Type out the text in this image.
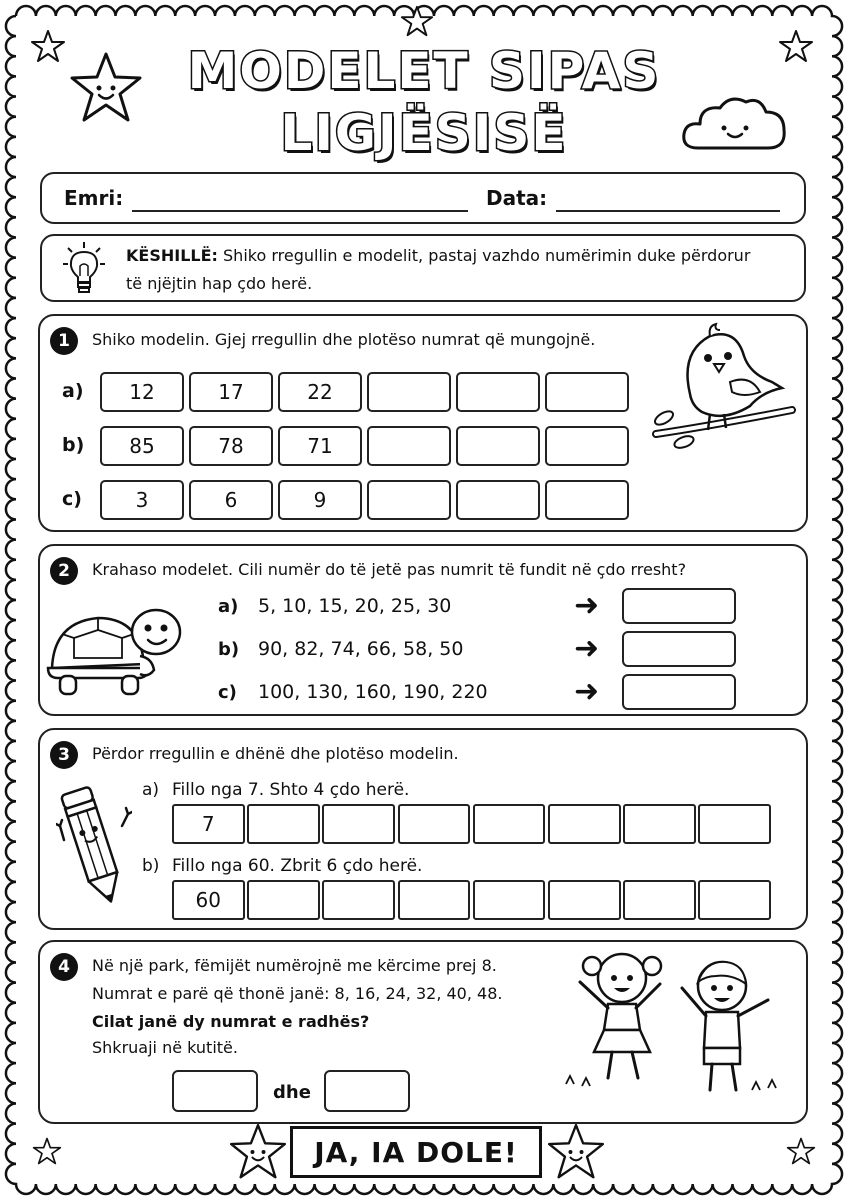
MODELET SIPAS
LIGJËSISË
Emri:	Data:
KËSHILLË: Shiko rregullin e modelit, pastaj vazhdo numërimin duke përdorur
të njëjtin hap çdo herë.
1	Shiko modelin. Gjej rregullin dhe plotëso numrat që mungojnë.
a)	12	17	22
b)	85	78	71
c)	3	6	9
2	Krahaso modelet. Cili numër do të jetë pas numrit të fundit në çdo rresht?
a) 5, 10, 15, 20, 25, 30	➜
b) 90, 82, 74, 66, 58, 50	➜
c) 100, 130, 160, 190, 220	➜
3	Përdor rregullin e dhënë dhe plotëso modelin.
a) Fillo nga 7. Shto 4 çdo herë.
7
b) Fillo nga 60. Zbrit 6 çdo herë.
60
4	Në një park, fëmijët numërojnë me kërcime prej 8.
Numrat e parë që thonë janë: 8, 16, 24, 32, 40, 48.
Cilat janë dy numrat e radhës?
Shkruaji në kutitë.
dhe
JA, IA DOLE!
